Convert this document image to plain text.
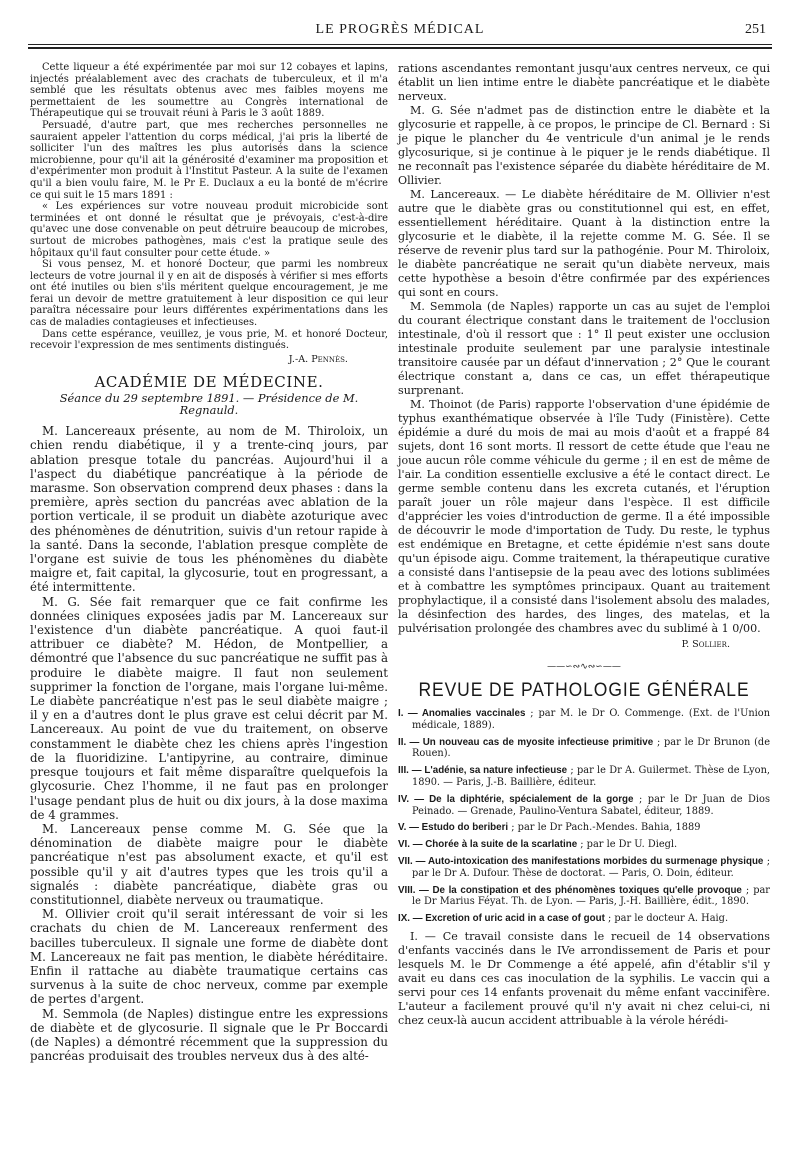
LE PROGRÈS MÉDICAL	251

Cette liqueur a été expérimentée par moi sur 12 cobayes et lapins, injectés préalablement avec des crachats de tuberculeux, et il m'a semblé que les résultats obtenus avec mes faibles moyens me permettaient de les soumettre au Congrès international de Thérapeutique qui se trouvait réuni à Paris le 3 août 1889.

Persuadé, d'autre part, que mes recherches personnelles ne sauraient appeler l'attention du corps médical, j'ai pris la liberté de solliciter l'un des maîtres les plus autorisés dans la science microbienne, pour qu'il ait la générosité d'examiner ma proposition et d'expérimenter mon produit à l'Institut Pasteur. A la suite de l'examen qu'il a bien voulu faire, M. le Pr E. Duclaux a eu la bonté de m'écrire ce qui suit le 15 mars 1891 :

« Les expériences sur votre nouveau produit microbicide sont terminées et ont donné le résultat que je prévoyais, c'est-à-dire qu'avec une dose convenable on peut détruire beaucoup de microbes, surtout de microbes pathogènes, mais c'est la pratique seule des hôpitaux qu'il faut consulter pour cette étude. »

Si vous pensez, M. et honoré Docteur, que parmi les nombreux lecteurs de votre journal il y en ait de disposés à vérifier si mes efforts ont été inutiles ou bien s'ils méritent quelque encouragement, je me ferai un devoir de mettre gratuitement à leur disposition ce qui leur paraîtra nécessaire pour leurs différentes expérimentations dans les cas de maladies contagieuses et infectieuses.

Dans cette espérance, veuillez, je vous prie, M. et honoré Docteur, recevoir l'expression de mes sentiments distingués.

J.-A. Pennès.
ACADÉMIE DE MÉDECINE.
Séance du 29 septembre 1891. — Présidence de M. Regnauld.

M. Lancereaux présente, au nom de M. Thiroloix, un chien rendu diabétique, il y a trente-cinq jours, par ablation presque totale du pancréas. Aujourd'hui il a l'aspect du diabétique pancréatique à la période de marasme. Son observation comprend deux phases : dans la première, après section du pancréas avec ablation de la portion verticale, il se produit un diabète azoturique avec des phénomènes de dénutrition, suivis d'un retour rapide à la santé. Dans la seconde, l'ablation presque complète de l'organe est suivie de tous les phénomènes du diabète maigre et, fait capital, la glycosurie, tout en progressant, a été intermittente.

M. G. Sée fait remarquer que ce fait confirme les données cliniques exposées jadis par M. Lancereaux sur l'existence d'un diabète pancréatique. A quoi faut-il attribuer ce diabète? M. Hédon, de Montpellier, a démontré que l'absence du suc pancréatique ne suffit pas à produire le diabète maigre. Il faut non seulement supprimer la fonction de l'organe, mais l'organe lui-même. Le diabète pancréatique n'est pas le seul diabète maigre ; il y en a d'autres dont le plus grave est celui décrit par M. Lancereaux. Au point de vue du traitement, on observe constamment le diabète chez les chiens après l'ingestion de la fluoridizine. L'antipyrine, au contraire, diminue presque toujours et fait même disparaître quelquefois la glycosurie. Chez l'homme, il ne faut pas en prolonger l'usage pendant plus de huit ou dix jours, à la dose maxima de 4 grammes.

M. Lancereaux pense comme M. G. Sée que la dénomination de diabète maigre pour le diabète pancréatique n'est pas absolument exacte, et qu'il est possible qu'il y ait d'autres types que les trois qu'il a signalés : diabète pancréatique, diabète gras ou constitutionnel, diabète nerveux ou traumatique.

M. Ollivier croit qu'il serait intéressant de voir si les crachats du chien de M. Lancereaux renferment des bacilles tuberculeux. Il signale une forme de diabète dont M. Lancereaux ne fait pas mention, le diabète héréditaire. Enfin il rattache au diabète traumatique certains cas survenus à la suite de choc nerveux, comme par exemple de pertes d'argent.

M. Semmola (de Naples) distingue entre les expressions de diabète et de glycosurie. Il signale que le Pr Boccardi (de Naples) a démontré récemment que la suppression du pancréas produisait des troubles nerveux dus à des alté-

rations ascendantes remontant jusqu'aux centres nerveux, ce qui établit un lien intime entre le diabète pancréatique et le diabète nerveux.

M. G. Sée n'admet pas de distinction entre le diabète et la glycosurie et rappelle, à ce propos, le principe de Cl. Bernard : Si je pique le plancher du 4e ventricule d'un animal je le rends glycosurique, si je continue à le piquer je le rends diabétique. Il ne reconnaît pas l'existence séparée du diabète héréditaire de M. Ollivier.

M. Lancereaux. — Le diabète héréditaire de M. Ollivier n'est autre que le diabète gras ou constitutionnel qui est, en effet, essentiellement héréditaire. Quant à la distinction entre la glycosurie et le diabète, il la rejette comme M. G. Sée. Il se réserve de revenir plus tard sur la pathogénie. Pour M. Thiroloix, le diabète pancréatique ne serait qu'un diabète nerveux, mais cette hypothèse a besoin d'être confirmée par des expériences qui sont en cours.

M. Semmola (de Naples) rapporte un cas au sujet de l'emploi du courant électrique constant dans le traitement de l'occlusion intestinale, d'où il ressort que : 1° Il peut exister une occlusion intestinale produite seulement par une paralysie intestinale transitoire causée par un défaut d'innervation ; 2° Que le courant électrique constant a, dans ce cas, un effet thérapeutique surprenant.

M. Thoinot (de Paris) rapporte l'observation d'une épidémie de typhus exanthématique observée à l'île Tudy (Finistère). Cette épidémie a duré du mois de mai au mois d'août et a frappé 84 sujets, dont 16 sont morts. Il ressort de cette étude que l'eau ne joue aucun rôle comme véhicule du germe ; il en est de même de l'air. La condition essentielle exclusive a été le contact direct. Le germe semble contenu dans les excreta cutanés, et l'éruption paraît jouer un rôle majeur dans l'espèce. Il est difficile d'apprécier les voies d'introduction de germe. Il a été impossible de découvrir le mode d'importation de Tudy. Du reste, le typhus est endémique en Bretagne, et cette épidémie n'est sans doute qu'un épisode aigu. Comme traitement, la thérapeutique curative a consisté dans l'antisepsie de la peau avec des lotions sublimées et à combattre les symptômes principaux. Quant au traitement prophylactique, il a consisté dans l'isolement absolu des malades, la désinfection des hardes, des linges, des matelas, et la pulvérisation prolongée des chambres avec du sublimé à 1 0/00.

P. Sollier.
——∽∾∿∾∽——
REVUE DE PATHOLOGIE GÉNÉRALE
I. — Anomalies vaccinales ; par M. le Dr O. Commenge. (Ext. de l'Union médicale, 1889).
II. — Un nouveau cas de myosite infectieuse primitive ; par le Dr Brunon (de Rouen).
III. — L'adénie, sa nature infectieuse ; par le Dr A. Guilermet. Thèse de Lyon, 1890. — Paris, J.-B. Baillière, éditeur.
IV. — De la diphtérie, spécialement de la gorge ; par le Dr Juan de Dios Peinado. — Grenade, Paulino-Ventura Sabatel, éditeur, 1889.
V. — Estudo do beriberi ; par le Dr Pach.-Mendes. Bahia, 1889
VI. — Chorée à la suite de la scarlatine ; par le Dr U. Diegl.
VII. — Auto-intoxication des manifestations morbides du surmenage physique ; par le Dr A. Dufour. Thèse de doctorat. — Paris, O. Doin, éditeur.
VIII. — De la constipation et des phénomènes toxiques qu'elle provoque ; par le Dr Marius Féyat. Th. de Lyon. — Paris, J.-H. Baillière, édit., 1890.
IX. — Excretion of uric acid in a case of gout ; par le docteur A. Haig.

I. — Ce travail consiste dans le recueil de 14 observations d'enfants vaccinés dans le IVe arrondissement de Paris et pour lesquels M. le Dr Commenge a été appelé, afin d'établir s'il y avait eu dans ces cas inoculation de la syphilis. Le vaccin qui a servi pour ces 14 enfants provenait du même enfant vaccinifère. L'auteur a facilement prouvé qu'il n'y avait ni chez celui-ci, ni chez ceux-là aucun accident attribuable à la vérole hérédi-
